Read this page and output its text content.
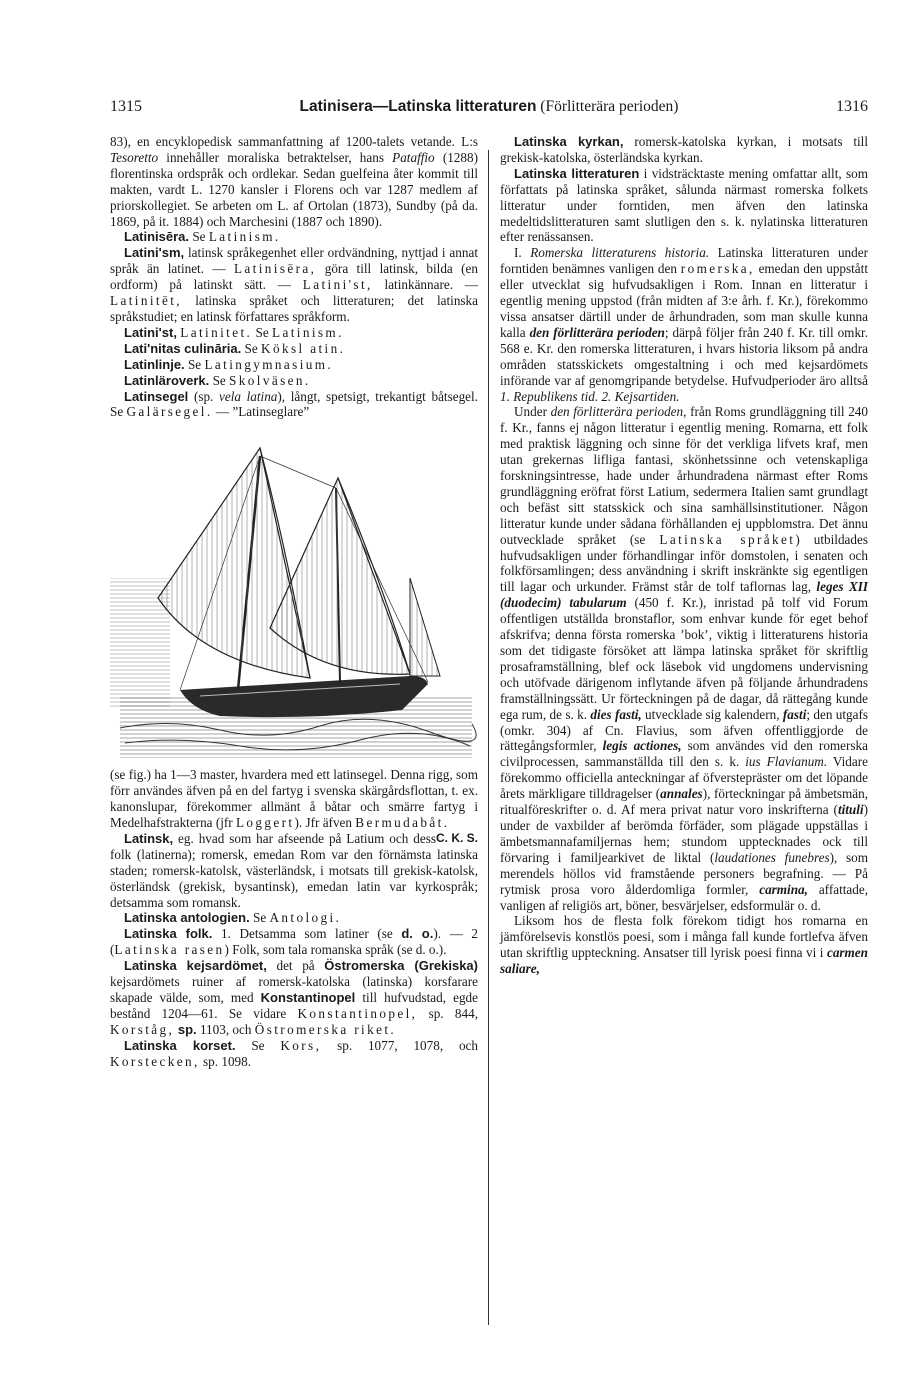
1315	Latinisera—Latinska litteraturen (Förlitterära perioden)	1316

83), en encyklopedisk sammanfattning af 1200-talets vetande. L:s Tesoretto innehåller moraliska betraktelser, hans Pataffio (1288) florentinska ordspråk och ordlekar. Sedan guelfeina åter kommit till makten, vardt L. 1270 kansler i Florens och var 1287 medlem af priorskollegiet. Se arbeten om L. af Ortolan (1873), Sundby (på da. 1869, på it. 1884) och Marchesini (1887 och 1890).

Latinisēra. Se Latinism.

Latini'sm, latinsk språkegenhet eller ordvändning, nyttjad i annat språk än latinet. — Latinisēra, göra till latinsk, bilda (en ordform) på latinskt sätt. — Latini'st, latinkännare. — Latinitēt, latinska språket och litteraturen; det latinska språkstudiet; en latinsk författares språkform.

Latini'st, Latinitet. Se Latinism.

Lati'nitas culināria. Se Köksl atin.

Latinlinje. Se Latingymnasium.

Latinläroverk. Se Skolväsen.

Latinsegel (sp. vela latina), långt, spetsigt, trekantigt båtsegel. Se Galärsegel. — ”Latinseglare”

(se fig.) ha 1—3 master, hvardera med ett latinsegel. Denna rigg, som förr användes äfven på en del fartyg i svenska skärgårdsflottan, t. ex. kanonslupar, förekommer allmänt å båtar och smärre fartyg i Medelhafstrakterna (jfr Loggert). Jfr äfven Bermudabåt.
C. K. S.

Latinsk, eg. hvad som har afseende på Latium och dess folk (latinerna); romersk, emedan Rom var den förnämsta latinska staden; romersk-katolsk, västerländsk, i motsats till grekisk-katolsk, österländsk (grekisk, bysantinsk), emedan latin var kyrkospråk; detsamma som romansk.

Latinska antologien. Se Antologi.

Latinska folk. 1. Detsamma som latiner (se d. o.). — 2 (Latinska rasen) Folk, som tala romanska språk (se d. o.).

Latinska kejsardömet, det på Östromerska (Grekiska) kejsardömets ruiner af romersk-katolska (latinska) korsfarare skapade välde, som, med Konstantinopel till hufvudstad, egde bestånd 1204—61. Se vidare Konstantinopel, sp. 844, Korståg, sp. 1103, och Östromerska riket.

Latinska korset. Se Kors, sp. 1077, 1078, och Korstecken, sp. 1098.

Latinska kyrkan, romersk-katolska kyrkan, i motsats till grekisk-katolska, österländska kyrkan.

Latinska litteraturen i vidsträcktaste mening omfattar allt, som författats på latinska språket, sålunda närmast romerska folkets litteratur under forntiden, men äfven den latinska medeltidslitteraturen samt slutligen den s. k. nylatinska litteraturen efter renässansen.

I. Romerska litteraturens historia. Latinska litteraturen under forntiden benämnes vanligen den romerska, emedan den uppstått eller utvecklat sig hufvudsakligen i Rom. Innan en litteratur i egentlig mening uppstod (från midten af 3:e årh. f. Kr.), förekommo vissa ansatser därtill under de århundraden, som man skulle kunna kalla den förlitterära perioden; därpå följer från 240 f. Kr. till omkr. 568 e. Kr. den romerska litteraturen, i hvars historia liksom på andra områden statsskickets omgestaltning i och med kejsardömets införande var af genomgripande betydelse. Hufvudperioder äro alltså 1. Republikens tid. 2. Kejsartiden.

Under den förlitterära perioden, från Roms grundläggning till 240 f. Kr., fanns ej någon litteratur i egentlig mening. Romarna, ett folk med praktisk läggning och sinne för det verkliga lifvets kraf, men utan grekernas lifliga fantasi, skönhetssinne och vetenskapliga forskningsintresse, hade under århundradena närmast efter Roms grundläggning eröfrat först Latium, sedermera Italien samt grundlagt och befäst sitt statsskick och sina samhällsinstitutioner. Någon litteratur kunde under sådana förhållanden ej uppblomstra. Det ännu outvecklade språket (se Latinska språket) utbildades hufvudsakligen under förhandlingar inför domstolen, i senaten och folkförsamlingen; dess användning i skrift inskränkte sig egentligen till lagar och urkunder. Främst står de tolf taflornas lag, leges XII (duodecim) tabularum (450 f. Kr.), inristad på tolf vid Forum offentligen utställda bronstaflor, som enhvar kunde för eget behof afskrifva; denna första romerska ’bok’, viktig i litteraturens historia som det tidigaste försöket att lämpa latinska språket för skriftlig prosaframställning, blef ock läsebok vid ungdomens undervisning och utöfvade därigenom inflytande äfven på följande århundradens framställningssätt. Ur förteckningen på de dagar, då rättegång kunde ega rum, de s. k. dies fasti, utvecklade sig kalendern, fasti; den utgafs (omkr. 304) af Cn. Flavius, som äfven offentliggjorde de rättegångsformler, legis actiones, som användes vid den romerska civilprocessen, sammanställda till den s. k. ius Flavianum. Vidare förekommo officiella anteckningar af öfverstepräster om det löpande årets märkligare tilldragelser (annales), förteckningar på ämbetsmän, ritualföreskrifter o. d. Af mera privat natur voro inskrifterna (tituli) under de vaxbilder af berömda förfäder, som plägade uppställas i ämbetsmannafamiljernas hem; stundom upptecknades ock till förvaring i familjearkivet de liktal (laudationes funebres), som merendels höllos vid framstående personers begrafning. — På rytmisk prosa voro ålderdomliga formler, carmina, affattade, vanligen af religiös art, böner, besvärjelser, edsformulär o. d.

Liksom hos de flesta folk förekom tidigt hos romarna en jämförelsevis konstlös poesi, som i många fall kunde fortlefva äfven utan skriftlig uppteckning. Ansatser till lyrisk poesi finna vi i carmen saliare,
